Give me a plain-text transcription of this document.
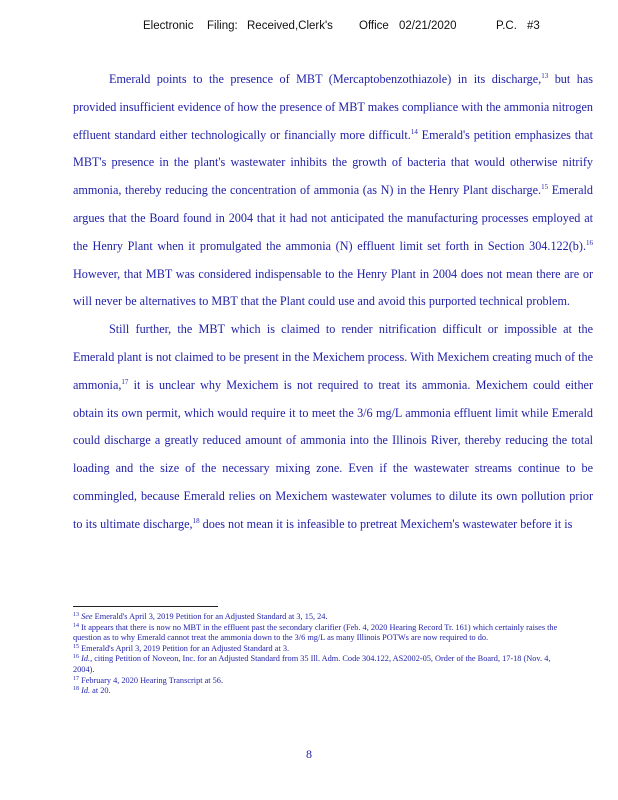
Electronic Filing: Received,Clerk's Office 02/21/2020	P.C. #3

Emerald points to the presence of MBT (Mercaptobenzothiazole) in its discharge,$^{13}$ but has provided insufficient evidence of how the presence of MBT makes compliance with the ammonia nitrogen effluent standard either technologically or financially more difficult.$^{14}$ Emerald's petition emphasizes that MBT's presence in the plant's wastewater inhibits the growth of bacteria that would otherwise nitrify ammonia, thereby reducing the concentration of ammonia (as N) in the Henry Plant discharge.$^{15}$ Emerald argues that the Board found in 2004 that it had not anticipated the manufacturing processes employed at the Henry Plant when it promulgated the ammonia (N) effluent limit set forth in Section 304.122(b).$^{16}$ However, that MBT was considered indispensable to the Henry Plant in 2004 does not mean there are or will never be alternatives to MBT that the Plant could use and avoid this purported technical problem.

Still further, the MBT which is claimed to render nitrification difficult or impossible at the Emerald plant is not claimed to be present in the Mexichem process. With Mexichem creating much of the ammonia,$^{17}$ it is unclear why Mexichem is not required to treat its ammonia. Mexichem could either obtain its own permit, which would require it to meet the 3/6 mg/L ammonia effluent limit while Emerald could discharge a greatly reduced amount of ammonia into the Illinois River, thereby reducing the total loading and the size of the necessary mixing zone. Even if the wastewater streams continue to be commingled, because Emerald relies on Mexichem wastewater volumes to dilute its own pollution prior to its ultimate discharge,$^{18}$ does not mean it is infeasible to pretreat Mexichem's wastewater before it is

$^{13}$ See Emerald's April 3, 2019 Petition for an Adjusted Standard at 3, 15, 24.

$^{14}$ It appears that there is now no MBT in the effluent past the secondary clarifier (Feb. 4, 2020 Hearing Record Tr. 161) which certainly raises the question as to why Emerald cannot treat the ammonia down to the 3/6 mg/L as many Illinois POTWs are now required to do.

$^{15}$ Emerald's April 3, 2019 Petition for an Adjusted Standard at 3.

$^{16}$ Id., citing Petition of Noveon, Inc. for an Adjusted Standard from 35 Ill. Adm. Code 304.122, AS2002-05, Order of the Board, 17-18 (Nov. 4, 2004).

$^{17}$ February 4, 2020 Hearing Transcript at 56.

$^{18}$ Id. at 20.

8
